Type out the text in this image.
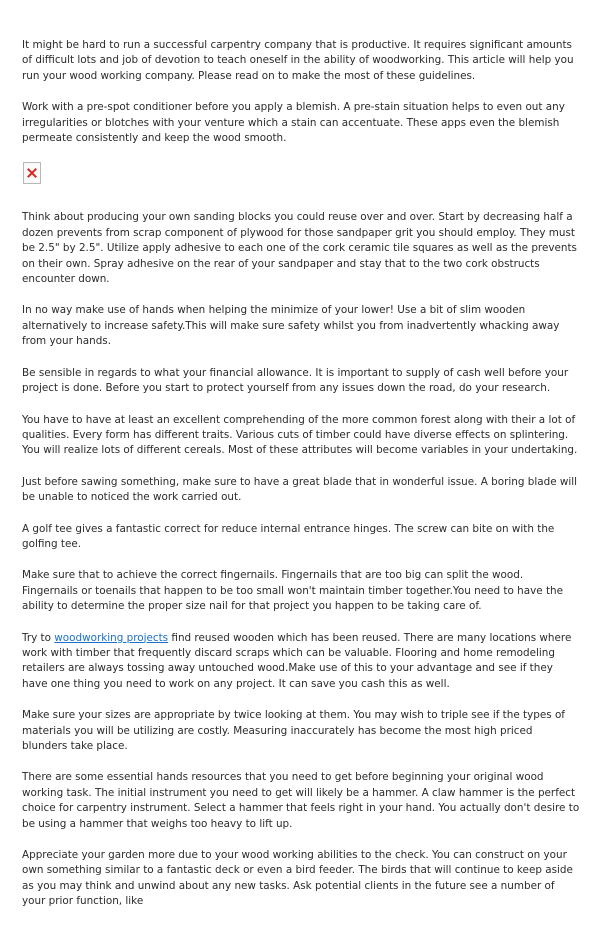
It might be hard to run a successful carpentry company that is productive. It requires significant amounts of difficult lots and job of devotion to teach oneself in the ability of woodworking. This article will help you run your wood working company. Please read on to make the most of these guidelines.

Work with a pre-spot conditioner before you apply a blemish. A pre-stain situation helps to even out any irregularities or blotches with your venture which a stain can accentuate. These apps even the blemish permeate consistently and keep the wood smooth.

Think about producing your own sanding blocks you could reuse over and over. Start by decreasing half a dozen prevents from scrap component of plywood for those sandpaper grit you should employ. They must be 2.5" by 2.5". Utilize apply adhesive to each one of the cork ceramic tile squares as well as the prevents on their own. Spray adhesive on the rear of your sandpaper and stay that to the two cork obstructs encounter down.

In no way make use of hands when helping the minimize of your lower! Use a bit of slim wooden alternatively to increase safety.This will make sure safety whilst you from inadvertently whacking away from your hands.

Be sensible in regards to what your financial allowance. It is important to supply of cash well before your project is done. Before you start to protect yourself from any issues down the road, do your research.

You have to have at least an excellent comprehending of the more common forest along with their a lot of qualities. Every form has different traits. Various cuts of timber could have diverse effects on splintering. You will realize lots of different cereals. Most of these attributes will become variables in your undertaking.

Just before sawing something, make sure to have a great blade that in wonderful issue. A boring blade will be unable to noticed the work carried out.

A golf tee gives a fantastic correct for reduce internal entrance hinges. The screw can bite on with the golfing tee.

Make sure that to achieve the correct fingernails. Fingernails that are too big can split the wood. Fingernails or toenails that happen to be too small won't maintain timber together.You need to have the ability to determine the proper size nail for that project you happen to be taking care of.

Try to woodworking projects find reused wooden which has been reused. There are many locations where work with timber that frequently discard scraps which can be valuable. Flooring and home remodeling retailers are always tossing away untouched wood.Make use of this to your advantage and see if they have one thing you need to work on any project. It can save you cash this as well.

Make sure your sizes are appropriate by twice looking at them. You may wish to triple see if the types of materials you will be utilizing are costly. Measuring inaccurately has become the most high priced blunders take place.

There are some essential hands resources that you need to get before beginning your original wood working task. The initial instrument you need to get will likely be a hammer. A claw hammer is the perfect choice for carpentry instrument. Select a hammer that feels right in your hand. You actually don't desire to be using a hammer that weighs too heavy to lift up.

Appreciate your garden more due to your wood working abilities to the check. You can construct on your own something similar to a fantastic deck or even a bird feeder. The birds that will continue to keep aside as you may think and unwind about any new tasks. Ask potential clients in the future see a number of your prior function, like
